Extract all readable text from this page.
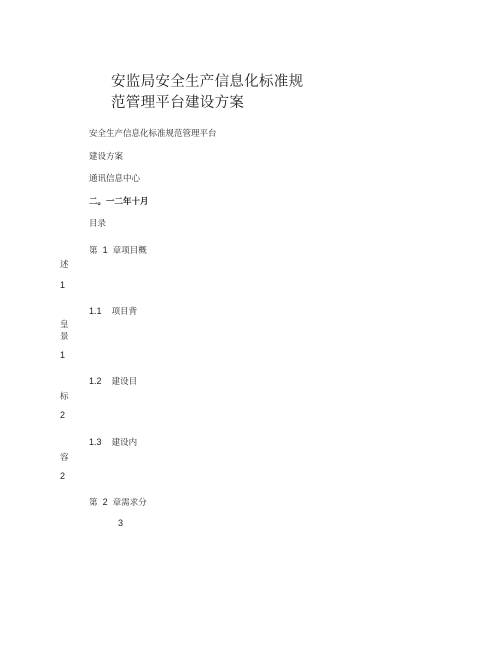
安监局安全生产信息化标准规
范管理平台建设方案
安全生产信息化标准规范管理平台
建设方案
通讯信息中心
二。一二年十月
目录
第 1 章项目概
述
1
1.1 项目背
皇
景
1
1.2 建设目
标
2
1.3 建设内
容
2
第 2 章需求分
3
